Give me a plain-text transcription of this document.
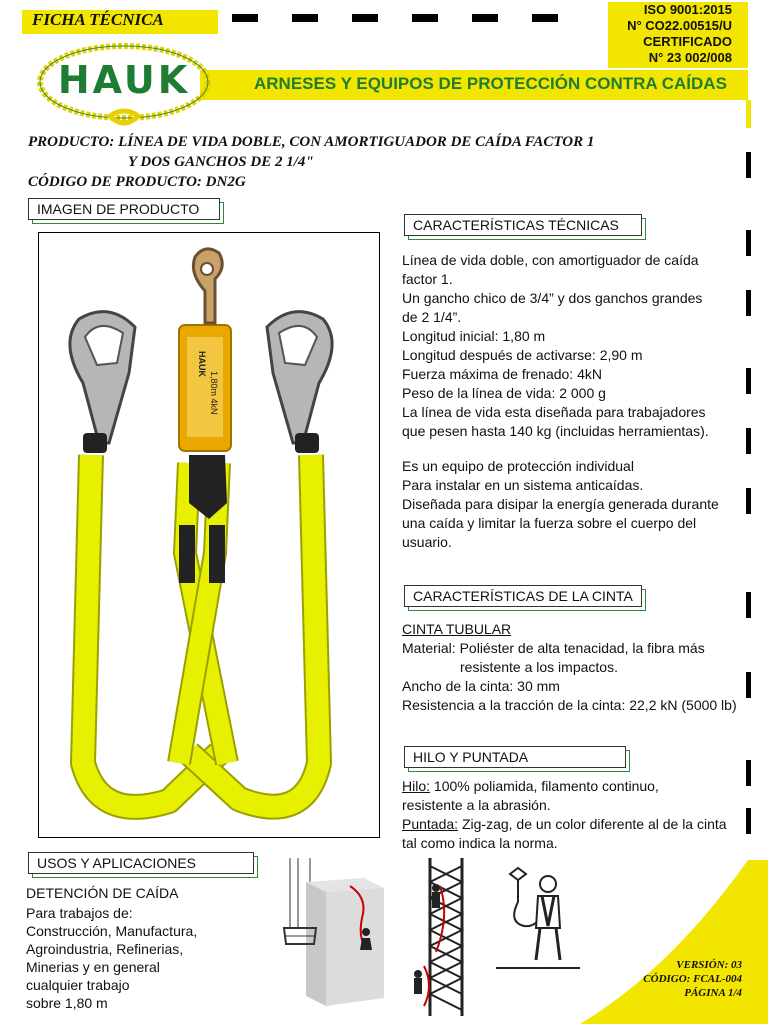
FICHA TÉCNICA
ISO 9001:2015
N° CO22.00515/U
CERTIFICADO
N° 23 002/008
ARNESES Y EQUIPOS DE PROTECCIÓN CONTRA CAÍDAS
HAUK
PRODUCTO: LÍNEA DE VIDA DOBLE, CON AMORTIGUADOR DE CAÍDA FACTOR 1
Y DOS GANCHOS DE 2 1/4"
CÓDIGO DE PRODUCTO: DN2G
IMAGEN DE PRODUCTO
HAUK
1,80m 4kN
CARACTERÍSTICAS TÉCNICAS
Línea de vida doble, con amortiguador de caída
factor 1.
Un gancho chico de 3/4” y dos ganchos grandes
de 2 1/4”.
Longitud inicial: 1,80 m
Longitud después de activarse: 2,90 m
Fuerza máxima de frenado: 4kN
Peso de la línea de vida: 2 000 g
La línea de vida esta diseñada para trabajadores
que pesen hasta 140 kg (incluidas herramientas).
Es un equipo de protección individual
Para instalar en un sistema anticaídas.
Diseñada para disipar la energía generada durante
una caída y limitar la fuerza sobre el cuerpo del
usuario.
CARACTERÍSTICAS DE LA CINTA
CINTA TUBULAR
Material: Poliéster de alta tenacidad, la fibra más
resistente a los impactos.
Ancho de la cinta: 30 mm
Resistencia a la tracción de la cinta: 22,2 kN (5000 lb)
HILO Y PUNTADA
Hilo: 100% poliamida, filamento continuo,
resistente a la abrasión.
Puntada: Zig-zag, de un color diferente al de la cinta
tal como indica la norma.
USOS Y APLICACIONES
DETENCIÓN DE CAÍDA
Para trabajos de:
Construcción, Manufactura,
Agroindustria, Refinerias,
Minerias y en general
cualquier trabajo
sobre 1,80 m
VERSIÓN: 03
CÓDIGO: FCAL-004
PÁGINA 1/4
